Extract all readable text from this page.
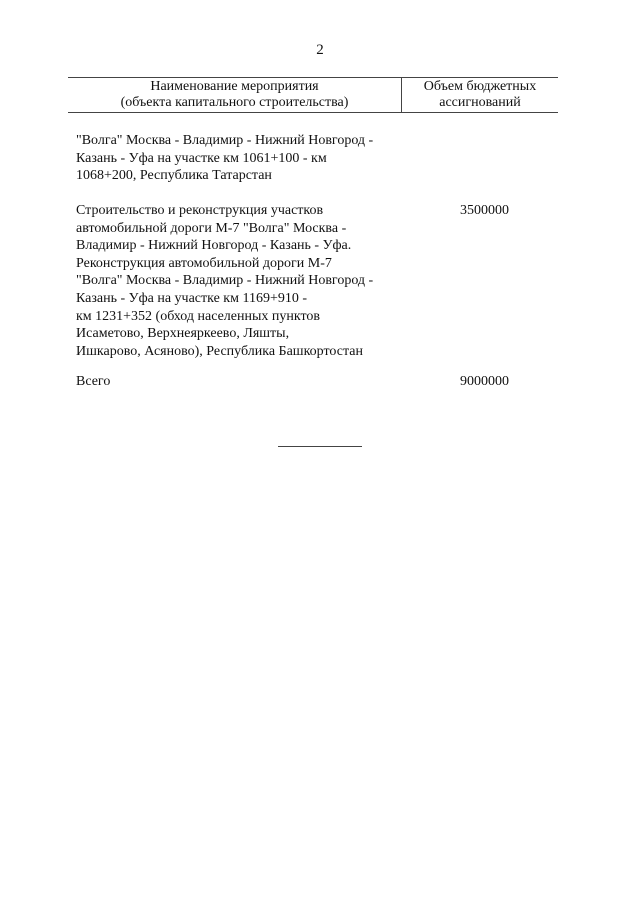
2
Наименование мероприятия
(объекта капитального строительства)
Объем бюджетных
ассигнований
"Волга" Москва - Владимир - Нижний Новгород -
Казань - Уфа на участке км 1061+100 - км
1068+200, Республика Татарстан
Строительство и реконструкция участков
автомобильной дороги М-7 "Волга" Москва -
Владимир - Нижний Новгород - Казань - Уфа.
Реконструкция автомобильной дороги М-7
"Волга" Москва - Владимир - Нижний Новгород -
Казань - Уфа на участке км 1169+910 -
км 1231+352 (обход населенных пунктов
Исаметово, Верхнеяркеево, Ляшты,
Ишкарово, Асяново), Республика Башкортостан
3500000
Всего	9000000
